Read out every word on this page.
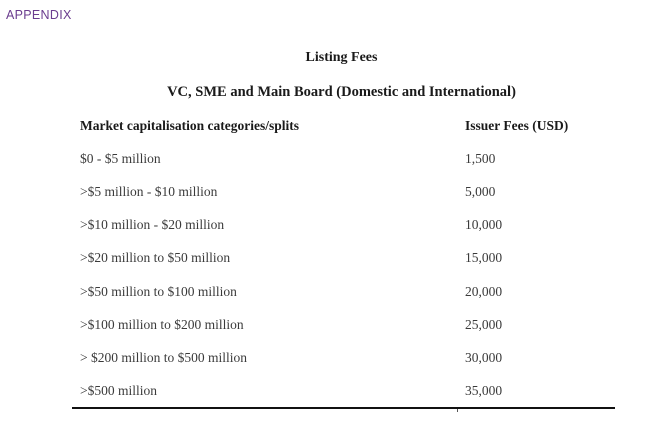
APPENDIX
Listing Fees
VC, SME and Main Board (Domestic and International)
Market capitalisation categories/splits	Issuer Fees (USD)
$0 - $5 million	1,500
>$5 million - $10 million	5,000
>$10 million - $20 million	10,000
>$20 million to $50 million	15,000
>$50 million to $100 million	20,000
>$100 million to $200 million	25,000
> $200 million to $500 million	30,000
>$500 million	35,000
